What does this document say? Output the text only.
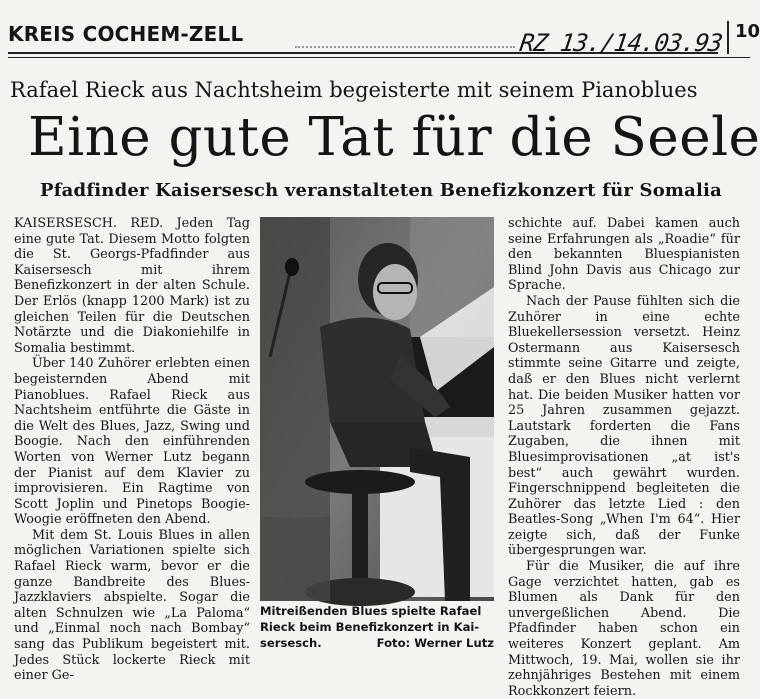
KREIS COCHEM-ZELL	RZ 13./14.03.93 10
Rafael Rieck aus Nachtsheim begeisterte mit seinem Pianoblues
Eine gute Tat für die Seele
Pfadfinder Kaisersesch veranstalteten Benefizkonzert für Somalia

KAISERSESCH. RED. Jeden Tag eine gute Tat. Diesem Motto folgten die St. Georgs-Pfadfinder aus Kaisersesch mit ihrem Benefizkonzert in der alten Schule. Der Erlös (knapp 1200 Mark) ist zu gleichen Teilen für die Deutschen Notärzte und die Diakoniehilfe in Somalia bestimmt.

Über 140 Zuhörer erlebten einen begeisternden Abend mit Pianoblues. Rafael Rieck aus Nachtsheim entführte die Gäste in die Welt des Blues, Jazz, Swing und Boogie. Nach den einführenden Worten von Werner Lutz begann der Pianist auf dem Klavier zu improvisieren. Ein Ragtime von Scott Joplin und Pinetops Boogie-Woogie eröffneten den Abend.

Mit dem St. Louis Blues in allen möglichen Variationen spielte sich Rafael Rieck warm, bevor er die ganze Bandbreite des Blues-Jazzklaviers abspielte. Sogar die alten Schnulzen wie „La Paloma“ und „Einmal noch nach Bombay“ sang das Publikum begeistert mit. Jedes Stück lockerte Rieck mit einer Ge-

Mitreißenden Blues spielte Rafael
Rieck beim Benefizkonzert in Kai-
sersesch.	Foto: Werner Lutz

schichte auf. Dabei kamen auch seine Erfahrungen als „Roadie“ für den bekannten Bluespianisten Blind John Davis aus Chicago zur Sprache.

Nach der Pause fühlten sich die Zuhörer in eine echte Bluekellersession versetzt. Heinz Ostermann aus Kaisersesch stimmte seine Gitarre und zeigte, daß er den Blues nicht verlernt hat. Die beiden Musiker hatten vor 25 Jahren zusammen gejazzt. Lautstark forderten die Fans Zugaben, die ihnen mit Bluesimprovisationen „at ist's best“ auch gewährt wurden. Fingerschnippend begleiteten die Zuhörer das letzte Lied : den Beatles-Song „When I'm 64“. Hier zeigte sich, daß der Funke übergesprungen war.

Für die Musiker, die auf ihre Gage verzichtet hatten, gab es Blumen als Dank für den unvergeßlichen Abend. Die Pfadfinder haben schon ein weiteres Konzert geplant. Am Mittwoch, 19. Mai, wollen sie ihr zehnjähriges Bestehen mit einem Rockkonzert feiern.
